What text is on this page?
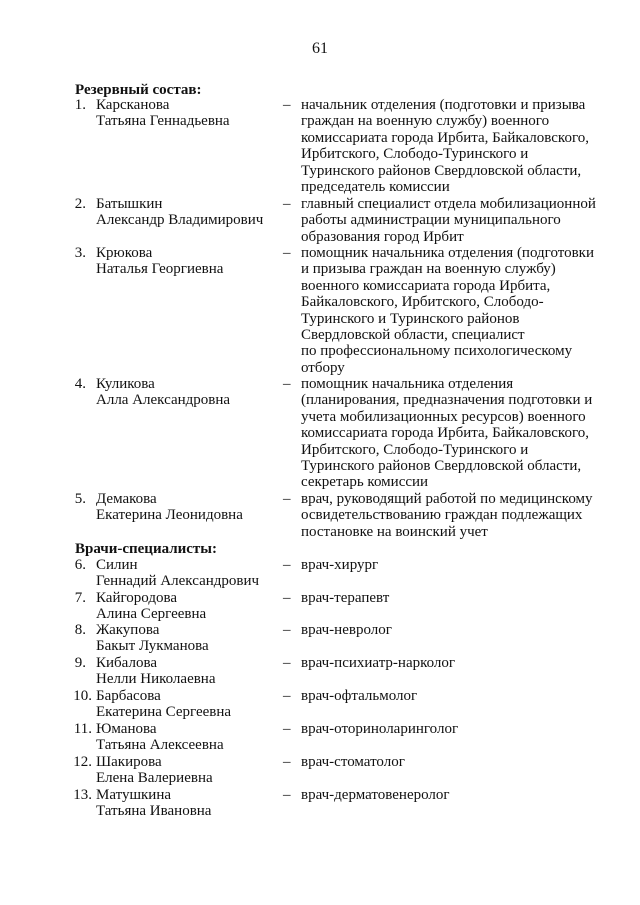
61
Резервный состав:
1. Карсканова
Татьяна Геннадьевна
– начальник отделения (подготовки и призыва
граждан на военную службу) военного
комиссариата города Ирбита, Байкаловского,
Ирбитского, Слободо-Туринского и
Туринского районов Свердловской области,
председатель комиссии
2. Батышкин
Александр Владимирович
– главный специалист отдела мобилизационной
работы администрации муниципального
образования город Ирбит
3. Крюкова
Наталья Георгиевна
– помощник начальника отделения (подготовки
и призыва граждан на военную службу)
военного комиссариата города Ирбита,
Байкаловского, Ирбитского, Слободо-
Туринского и Туринского районов
Свердловской области, специалист
по профессиональному психологическому
отбору
4. Куликова
Алла Александровна
– помощник начальника отделения
(планирования, предназначения подготовки и
учета мобилизационных ресурсов) военного
комиссариата города Ирбита, Байкаловского,
Ирбитского, Слободо-Туринского и
Туринского районов Свердловской области,
секретарь комиссии
5. Демакова
Екатерина Леонидовна
– врач, руководящий работой по медицинскому
освидетельствованию граждан подлежащих
постановке на воинский учет
Врачи-специалисты:
6. Силин
Геннадий Александрович
– врач-хирург
7. Кайгородова
Алина Сергеевна
– врач-терапевт
8. Жакупова
Бакыт Лукманова
– врач-невролог
9. Кибалова
Нелли Николаевна
– врач-психиатр-нарколог
10. Барбасова
Екатерина Сергеевна
– врач-офтальмолог
11. Юманова
Татьяна Алексеевна
– врач-оториноларинголог
12. Шакирова
Елена Валериевна
– врач-стоматолог
13. Матушкина
Татьяна Ивановна
– врач-дерматовенеролог
